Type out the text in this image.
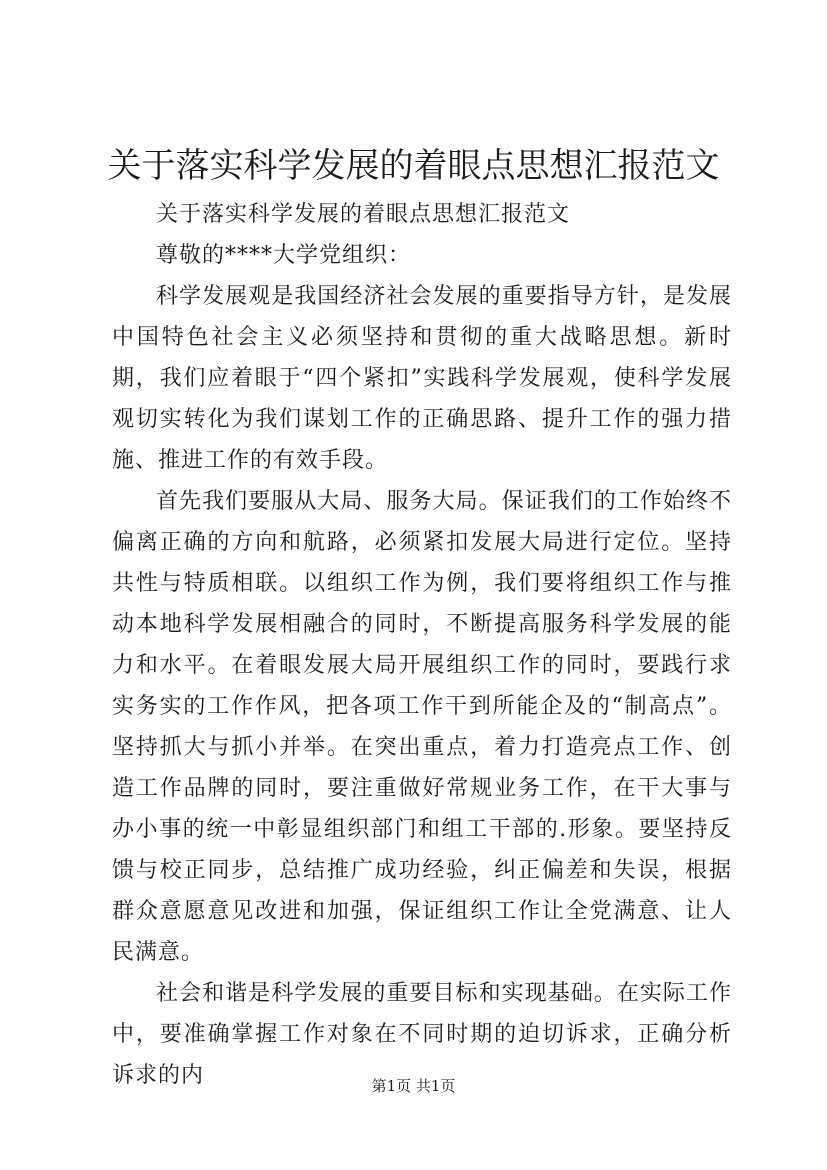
关于落实科学发展的着眼点思想汇报范文

关于落实科学发展的着眼点思想汇报范文

尊敬的****大学党组织：

科学发展观是我国经济社会发展的重要指导方针，是发展中国特色社会主义必须坚持和贯彻的重大战略思想。新时期，我们应着眼于“四个紧扣”实践科学发展观，使科学发展观切实转化为我们谋划工作的正确思路、提升工作的强力措施、推进工作的有效手段。

首先我们要服从大局、服务大局。保证我们的工作始终不偏离正确的方向和航路，必须紧扣发展大局进行定位。坚持共性与特质相联。以组织工作为例，我们要将组织工作与推动本地科学发展相融合的同时，不断提高服务科学发展的能力和水平。在着眼发展大局开展组织工作的同时，要践行求实务实的工作作风，把各项工作干到所能企及的“制高点”。坚持抓大与抓小并举。在突出重点，着力打造亮点工作、创造工作品牌的同时，要注重做好常规业务工作，在干大事与办小事的统一中彰显组织部门和组工干部的.形象。要坚持反馈与校正同步，总结推广成功经验，纠正偏差和失误，根据群众意愿意见改进和加强，保证组织工作让全党满意、让人民满意。

社会和谐是科学发展的重要目标和实现基础。在实际工作中，要准确掌握工作对象在不同时期的迫切诉求，正确分析诉求的内	第1页 共1页
